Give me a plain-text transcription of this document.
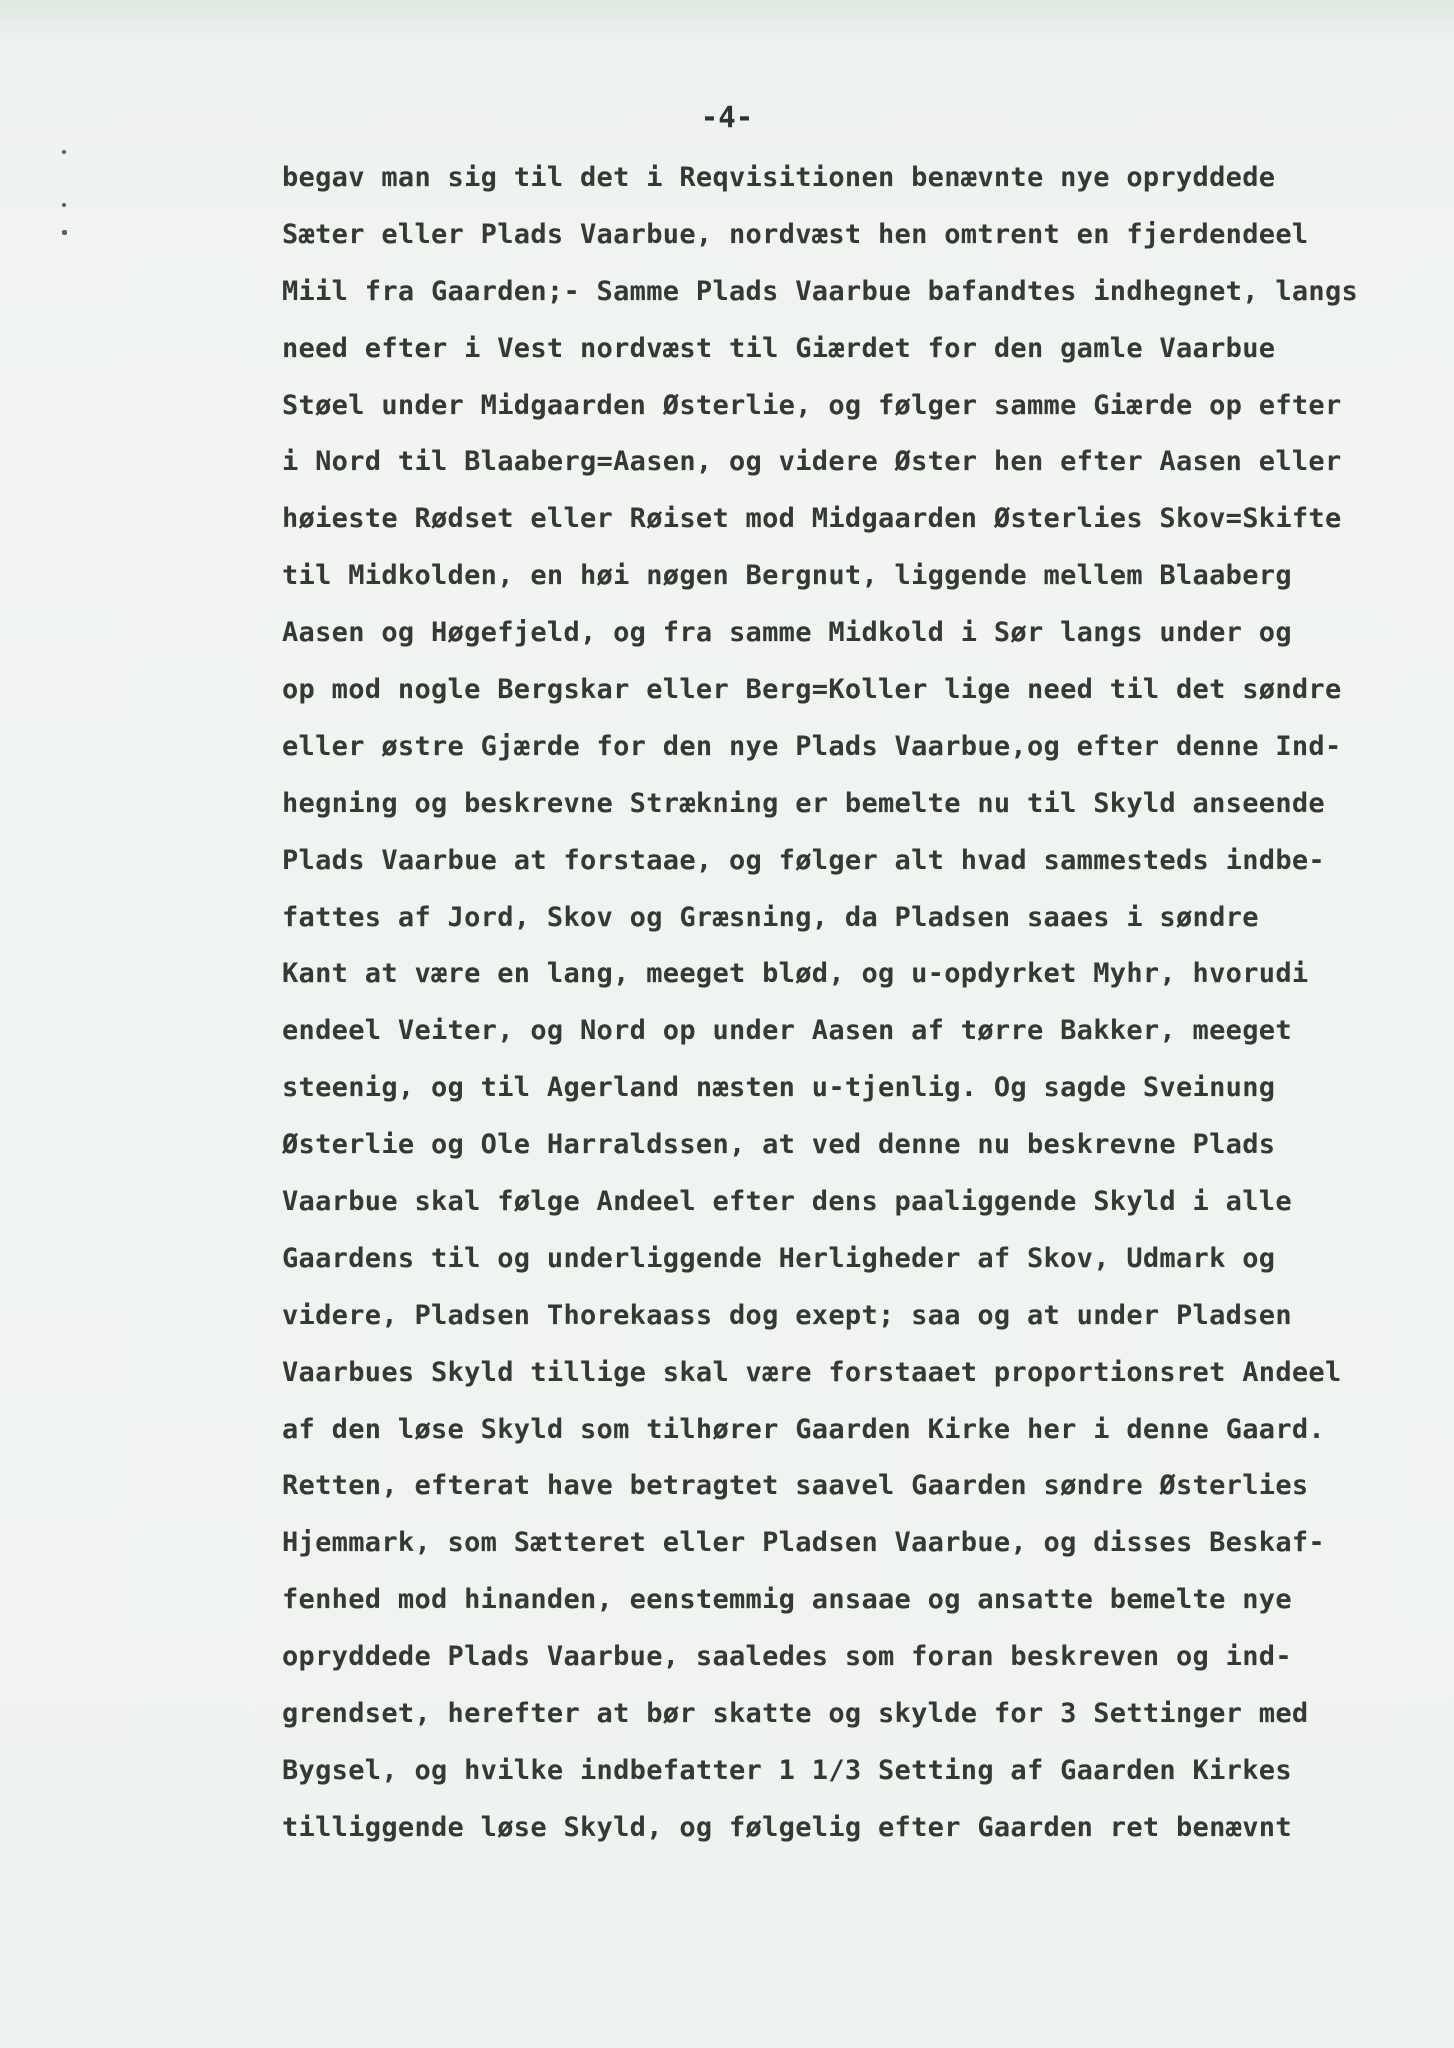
-4-
begav man sig til det i Reqvisitionen benævnte nye opryddede
Sæter eller Plads Vaarbue, nordvæst hen omtrent en fjerdendeel
Miil fra Gaarden;- Samme Plads Vaarbue bafandtes indhegnet, langs
need efter i Vest nordvæst til Giærdet for den gamle Vaarbue
Støel under Midgaarden Østerlie, og følger samme Giærde op efter
i Nord til Blaaberg=Aasen, og videre Øster hen efter Aasen eller
høieste Rødset eller Røiset mod Midgaarden Østerlies Skov=Skifte
til Midkolden, en høi nøgen Bergnut, liggende mellem Blaaberg
Aasen og Høgefjeld, og fra samme Midkold i Sør langs under og
op mod nogle Bergskar eller Berg=Koller lige need til det søndre
eller østre Gjærde for den nye Plads Vaarbue,og efter denne Ind-
hegning og beskrevne Strækning er bemelte nu til Skyld anseende
Plads Vaarbue at forstaae, og følger alt hvad sammesteds indbe-
fattes af Jord, Skov og Græsning, da Pladsen saaes i søndre
Kant at være en lang, meeget blød, og u-opdyrket Myhr, hvorudi
endeel Veiter, og Nord op under Aasen af tørre Bakker, meeget
steenig, og til Agerland næsten u-tjenlig. Og sagde Sveinung
Østerlie og Ole Harraldssen, at ved denne nu beskrevne Plads
Vaarbue skal følge Andeel efter dens paaliggende Skyld i alle
Gaardens til og underliggende Herligheder af Skov, Udmark og
videre, Pladsen Thorekaass dog exept; saa og at under Pladsen
Vaarbues Skyld tillige skal være forstaaet proportionsret Andeel
af den løse Skyld som tilhører Gaarden Kirke her i denne Gaard.
Retten, efterat have betragtet saavel Gaarden søndre Østerlies
Hjemmark, som Sætteret eller Pladsen Vaarbue, og disses Beskaf-
fenhed mod hinanden, eenstemmig ansaae og ansatte bemelte nye
opryddede Plads Vaarbue, saaledes som foran beskreven og ind-
grendset, herefter at bør skatte og skylde for 3 Settinger med
Bygsel, og hvilke indbefatter 1 1/3 Setting af Gaarden Kirkes
tilliggende løse Skyld, og følgelig efter Gaarden ret benævnt
